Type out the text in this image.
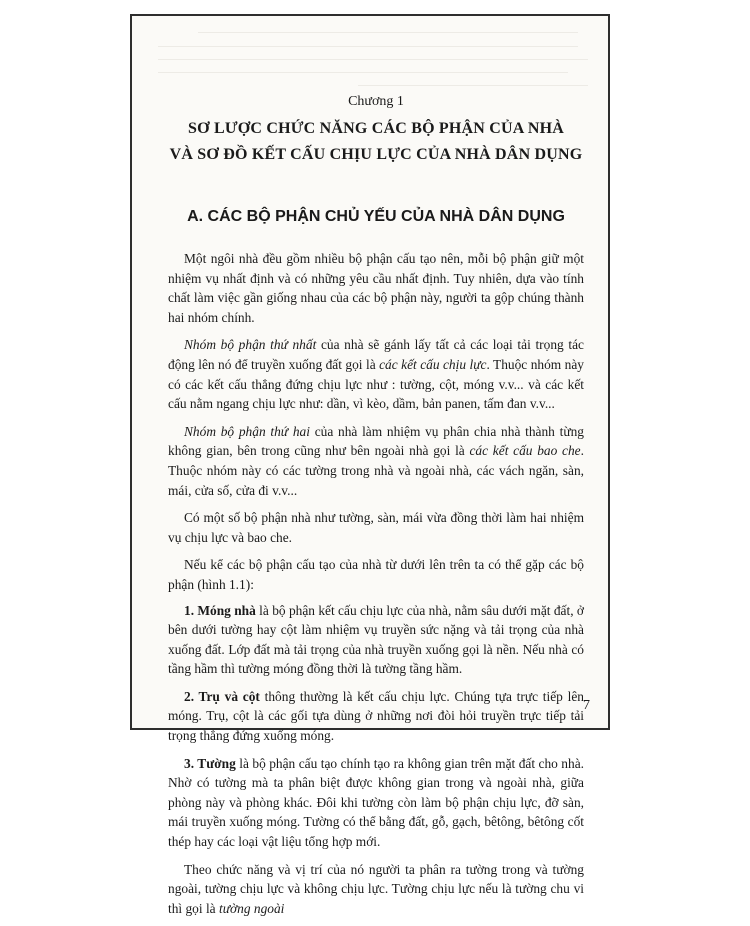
Chương 1
SƠ LƯỢC CHỨC NĂNG CÁC BỘ PHẬN CỦA NHÀ
VÀ SƠ ĐỒ KẾT CẤU CHỊU LỰC CỦA NHÀ DÂN DỤNG
A. CÁC BỘ PHẬN CHỦ YẾU CỦA NHÀ DÂN DỤNG

Một ngôi nhà đều gồm nhiều bộ phận cấu tạo nên, mỗi bộ phận giữ một nhiệm vụ nhất định và có những yêu cầu nhất định. Tuy nhiên, dựa vào tính chất làm việc gần giống nhau của các bộ phận này, người ta gộp chúng thành hai nhóm chính.

Nhóm bộ phận thứ nhất của nhà sẽ gánh lấy tất cả các loại tải trọng tác động lên nó để truyền xuống đất gọi là các kết cấu chịu lực. Thuộc nhóm này có các kết cấu thẳng đứng chịu lực như : tường, cột, móng v.v... và các kết cấu nằm ngang chịu lực như: dần, vì kèo, dầm, bản panen, tấm đan v.v...

Nhóm bộ phận thứ hai của nhà làm nhiệm vụ phân chia nhà thành từng không gian, bên trong cũng như bên ngoài nhà gọi là các kết cấu bao che. Thuộc nhóm này có các tường trong nhà và ngoài nhà, các vách ngăn, sàn, mái, cửa số, cửa đi v.v...

Có một số bộ phận nhà như tường, sàn, mái vừa đồng thời làm hai nhiệm vụ chịu lực và bao che.

Nếu kể các bộ phận cấu tạo của nhà từ dưới lên trên ta có thể gặp các bộ phận (hình 1.1):

1. Móng nhà là bộ phận kết cấu chịu lực của nhà, nằm sâu dưới mặt đất, ở bên dưới tường hay cột làm nhiệm vụ truyền sức nặng và tải trọng của nhà xuống đất. Lớp đất mà tải trọng của nhà truyền xuống gọi là nền. Nếu nhà có tầng hầm thì tường móng đồng thời là tường tầng hầm.

2. Trụ và cột thông thường là kết cấu chịu lực. Chúng tựa trực tiếp lên móng. Trụ, cột là các gối tựa dùng ở những nơi đòi hỏi truyền trực tiếp tải trọng thẳng đứng xuống móng.

3. Tường là bộ phận cấu tạo chính tạo ra không gian trên mặt đất cho nhà. Nhờ có tường mà ta phân biệt được không gian trong và ngoài nhà, giữa phòng này và phòng khác. Đôi khi tường còn làm bộ phận chịu lực, đỡ sàn, mái truyền xuống móng. Tường có thể bằng đất, gỗ, gạch, bêtông, bêtông cốt thép hay các loại vật liệu tổng hợp mới.

Theo chức năng và vị trí của nó người ta phân ra tường trong và tường ngoài, tường chịu lực và không chịu lực. Tường chịu lực nếu là tường chu vi thì gọi là tường ngoài

7
